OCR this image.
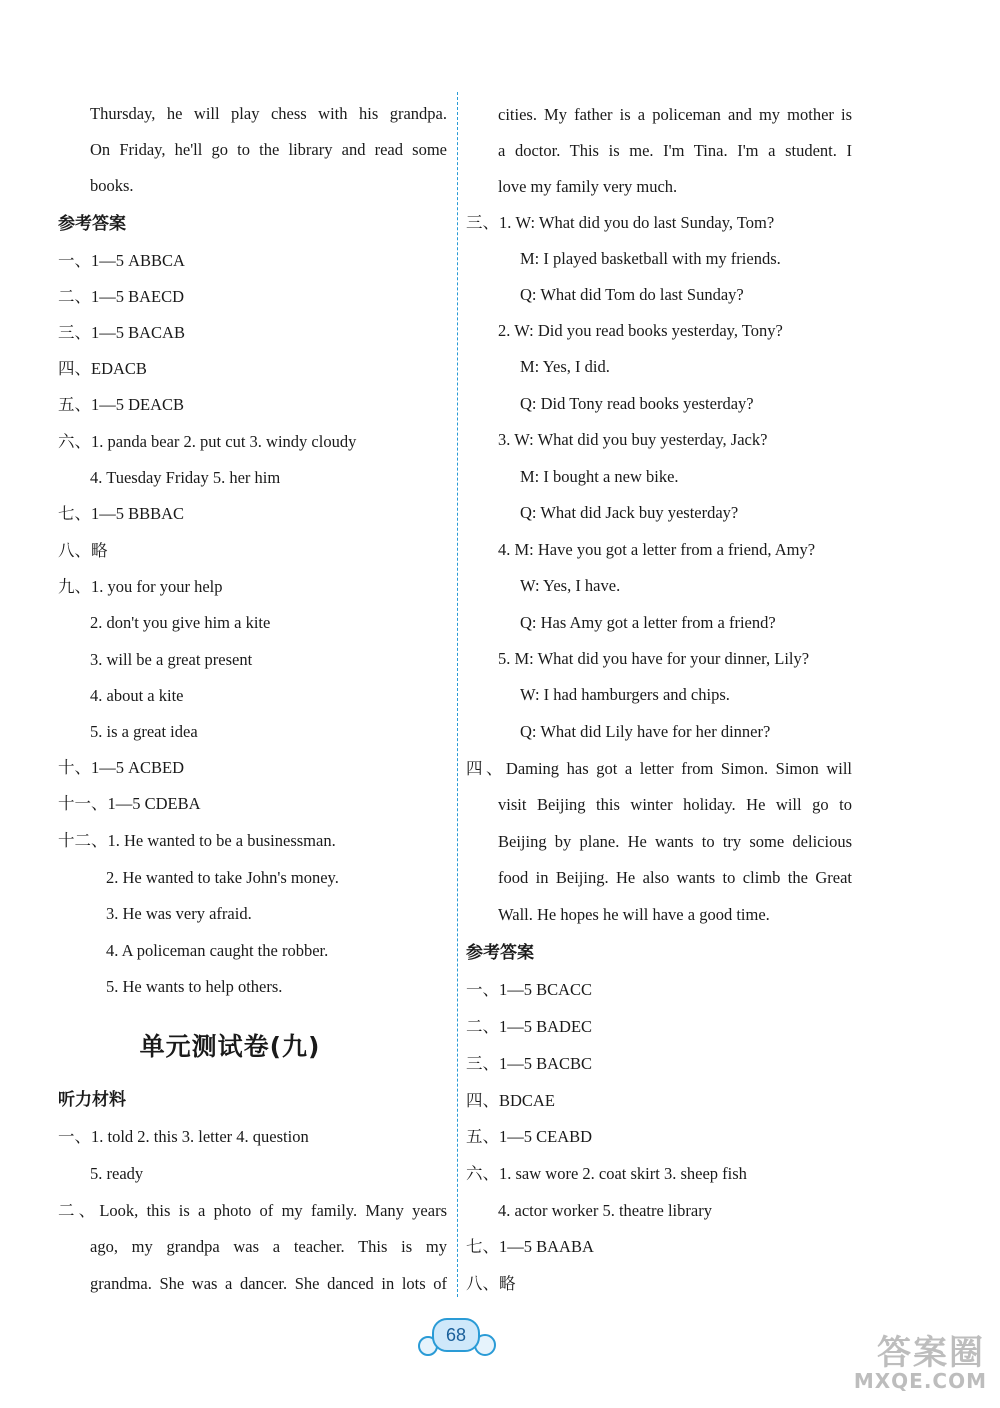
Thursday, he will play chess with his grandpa.
On Friday, he'll go to the library and read some
books.
参考答案
一、1—5 ABBCA
二、1—5 BAECD
三、1—5 BACAB
四、EDACB
五、1—5 DEACB
六、1. panda bear 2. put cut 3. windy cloudy
4. Tuesday Friday 5. her him
七、1—5 BBBAC
八、略
九、1. you for your help
2. don't you give him a kite
3. will be a great present
4. about a kite
5. is a great idea
十、1—5 ACBED
十一、1—5 CDEBA
十二、1. He wanted to be a businessman.
2. He wanted to take John's money.
3. He was very afraid.
4. A policeman caught the robber.
5. He wants to help others.
听力材料
一、1. told 2. this 3. letter 4. question
5. ready
二、Look, this is a photo of my family. Many years
ago, my grandpa was a teacher. This is my
grandma. She was a dancer. She danced in lots of
单元测试卷(九)
cities. My father is a policeman and my mother is
a doctor. This is me. I'm Tina. I'm a student. I
love my family very much.
三、1. W: What did you do last Sunday, Tom?
M: I played basketball with my friends.
Q: What did Tom do last Sunday?
2. W: Did you read books yesterday, Tony?
M: Yes, I did.
Q: Did Tony read books yesterday?
3. W: What did you buy yesterday, Jack?
M: I bought a new bike.
Q: What did Jack buy yesterday?
4. M: Have you got a letter from a friend, Amy?
W: Yes, I have.
Q: Has Amy got a letter from a friend?
5. M: What did you have for your dinner, Lily?
W: I had hamburgers and chips.
Q: What did Lily have for her dinner?
四、Daming has got a letter from Simon. Simon will
visit Beijing this winter holiday. He will go to
Beijing by plane. He wants to try some delicious
food in Beijing. He also wants to climb the Great
Wall. He hopes he will have a good time.
参考答案
一、1—5 BCACC
二、1—5 BADEC
三、1—5 BACBC
四、BDCAE
五、1—5 CEABD
六、1. saw wore 2. coat skirt 3. sheep fish
4. actor worker 5. theatre library
七、1—5 BAABA
八、略
68	答案圈
MXQE.COM
